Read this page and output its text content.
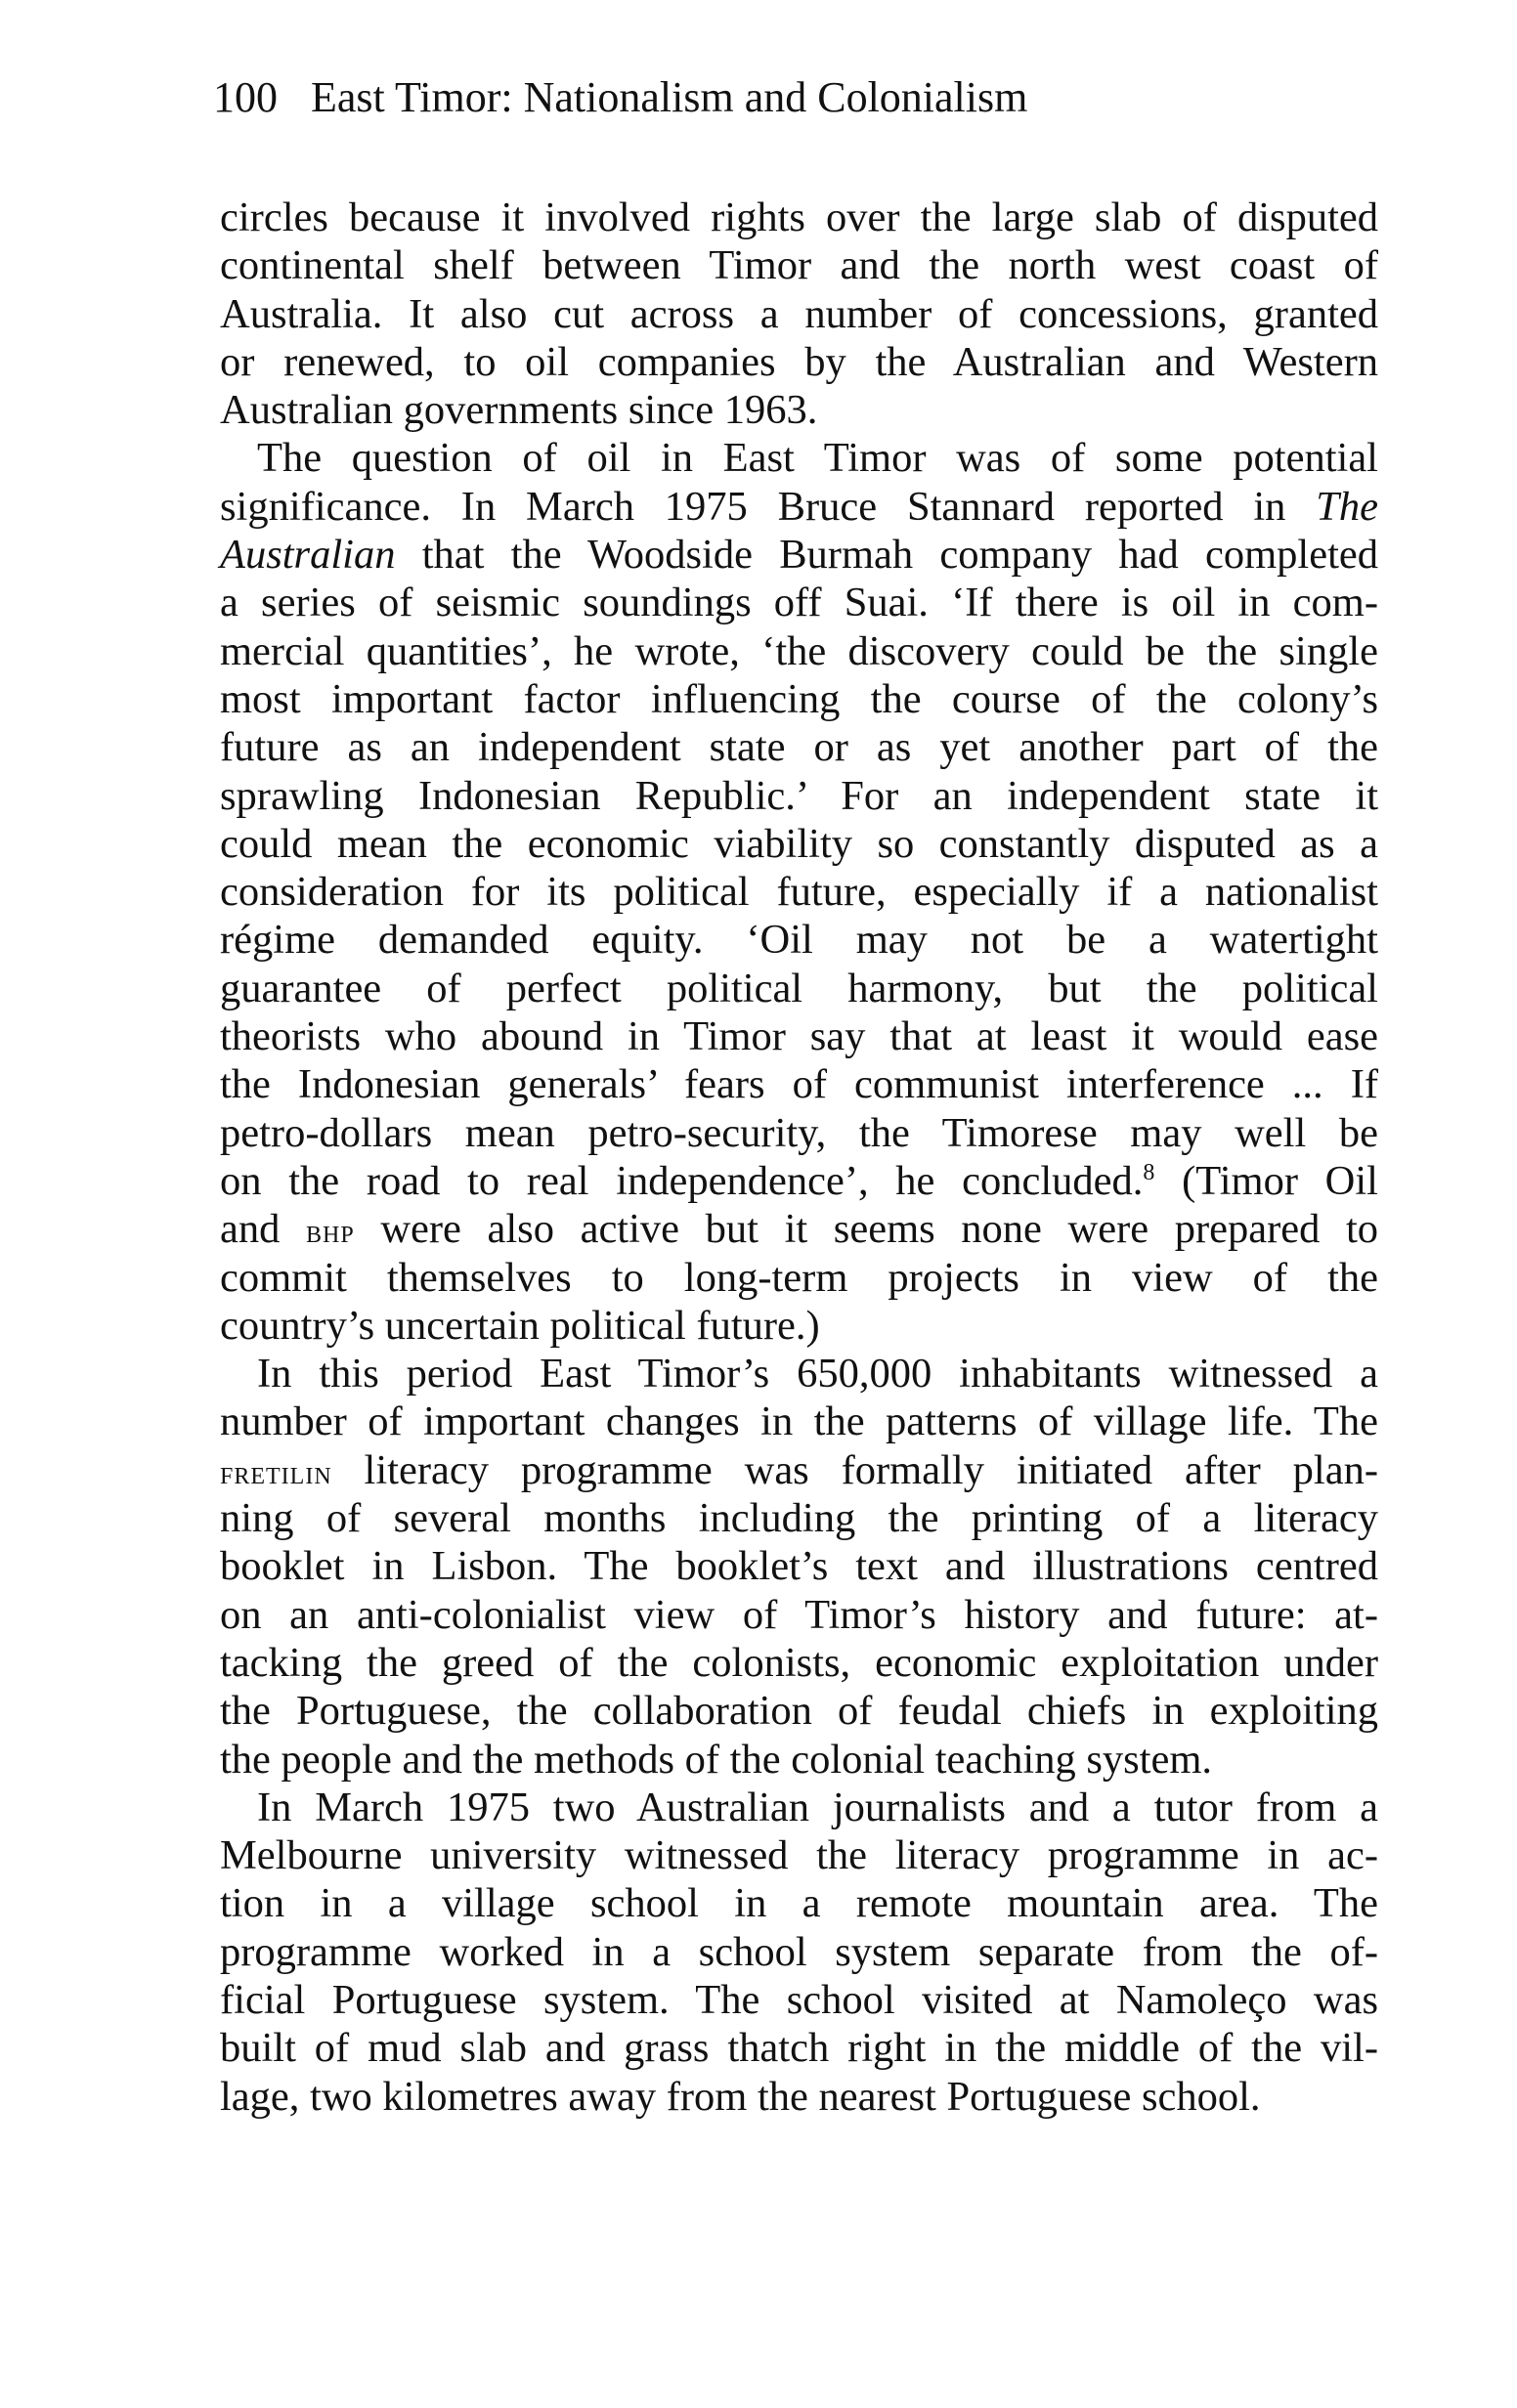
100 East Timor: Nationalism and Colonialism
circles because it involved rights over the large slab of disputed
continental shelf between Timor and the north west coast of
Australia. It also cut across a number of concessions, granted
or renewed, to oil companies by the Australian and Western
Australian governments since 1963.
The question of oil in East Timor was of some potential
significance. In March 1975 Bruce Stannard reported in The
Australian that the Woodside Burmah company had completed
a series of seismic soundings off Suai. ‘If there is oil in com-
mercial quantities’, he wrote, ‘the discovery could be the single
most important factor influencing the course of the colony’s
future as an independent state or as yet another part of the
sprawling Indonesian Republic.’ For an independent state it
could mean the economic viability so constantly disputed as a
consideration for its political future, especially if a nationalist
régime demanded equity. ‘Oil may not be a watertight
guarantee of perfect political harmony, but the political
theorists who abound in Timor say that at least it would ease
the Indonesian generals’ fears of communist interference ... If
petro-dollars mean petro-security, the Timorese may well be
on the road to real independence’, he concluded.$^8$ (Timor Oil
and bhp were also active but it seems none were prepared to
commit themselves to long-term projects in view of the
country’s uncertain political future.)
In this period East Timor’s 650,000 inhabitants witnessed a
number of important changes in the patterns of village life. The
fretilin literacy programme was formally initiated after plan-
ning of several months including the printing of a literacy
booklet in Lisbon. The booklet’s text and illustrations centred
on an anti-colonialist view of Timor’s history and future: at-
tacking the greed of the colonists, economic exploitation under
the Portuguese, the collaboration of feudal chiefs in exploiting
the people and the methods of the colonial teaching system.
In March 1975 two Australian journalists and a tutor from a
Melbourne university witnessed the literacy programme in ac-
tion in a village school in a remote mountain area. The
programme worked in a school system separate from the of-
ficial Portuguese system. The school visited at Namoleço was
built of mud slab and grass thatch right in the middle of the vil-
lage, two kilometres away from the nearest Portuguese school.
